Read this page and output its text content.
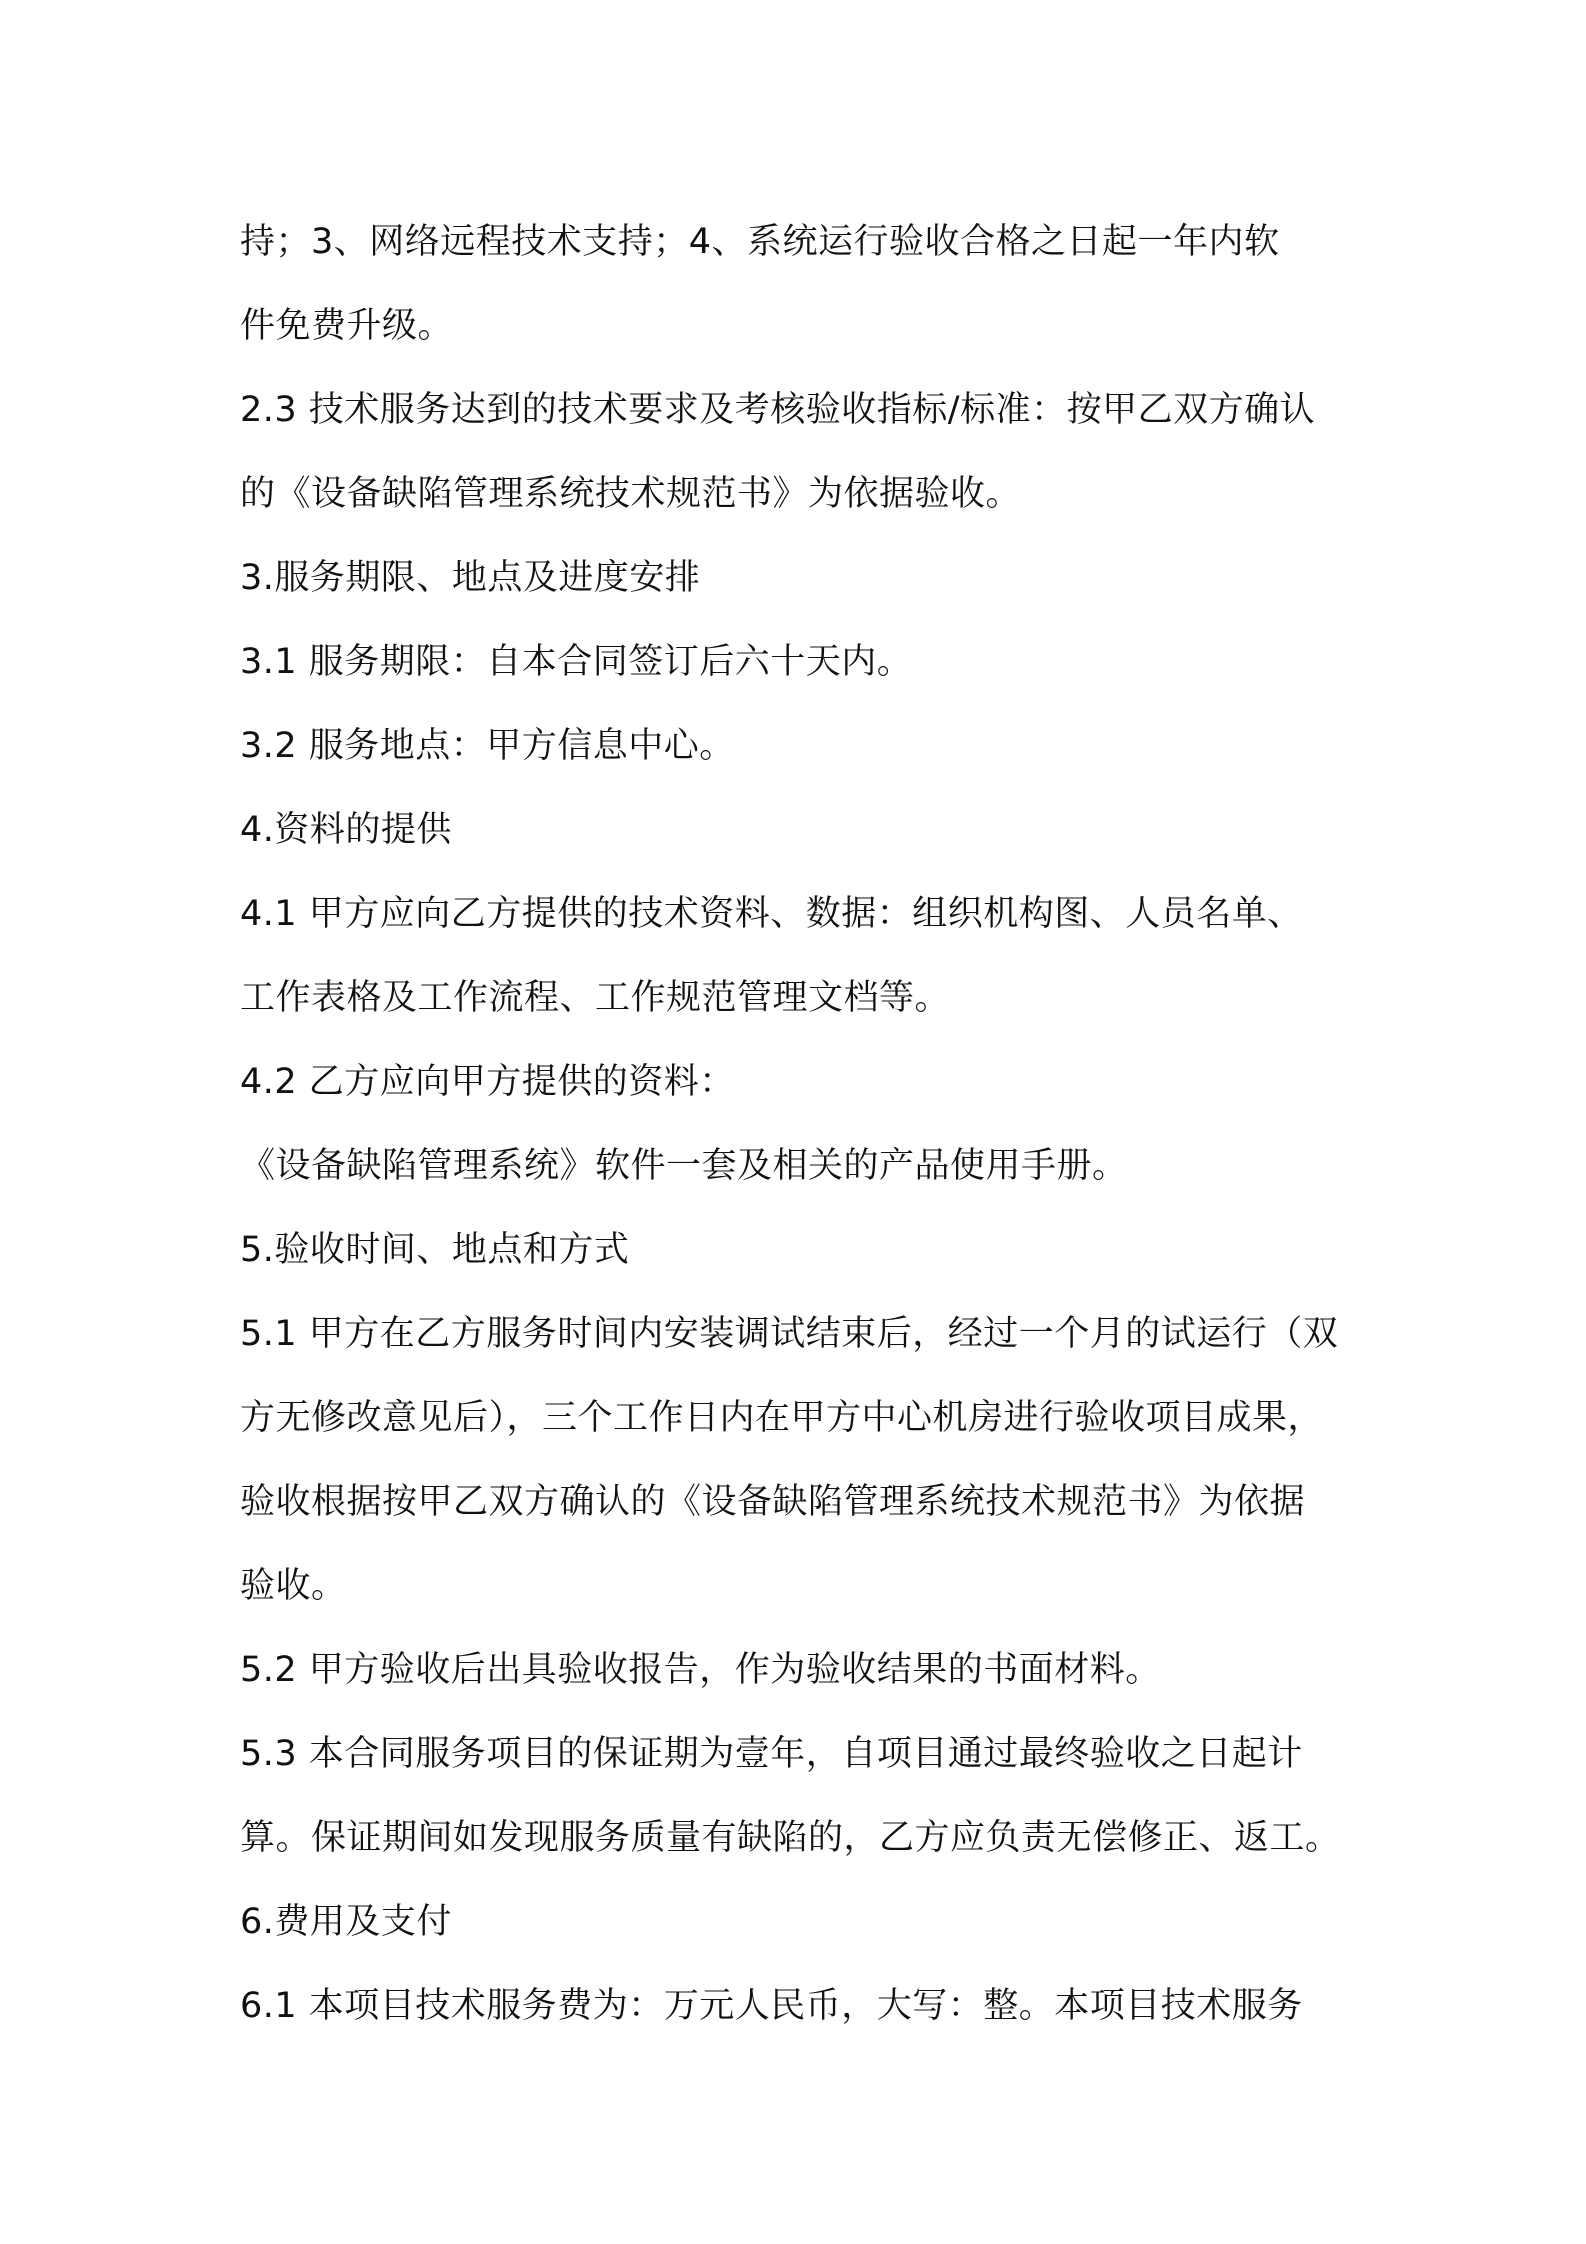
持；3、网络远程技术支持；4、系统运行验收合格之日起一年内软
件免费升级。
2.3 技术服务达到的技术要求及考核验收指标/标准：按甲乙双方确认
的《设备缺陷管理系统技术规范书》为依据验收。
3.服务期限、地点及进度安排
3.1 服务期限：自本合同签订后六十天内。
3.2 服务地点：甲方信息中心。
4.资料的提供
4.1 甲方应向乙方提供的技术资料、数据：组织机构图、人员名单、
工作表格及工作流程、工作规范管理文档等。
4.2 乙方应向甲方提供的资料：
《设备缺陷管理系统》软件一套及相关的产品使用手册。
5.验收时间、地点和方式
5.1 甲方在乙方服务时间内安装调试结束后，经过一个月的试运行（双
方无修改意见后），三个工作日内在甲方中心机房进行验收项目成果，
验收根据按甲乙双方确认的《设备缺陷管理系统技术规范书》为依据
验收。
5.2 甲方验收后出具验收报告，作为验收结果的书面材料。
5.3 本合同服务项目的保证期为壹年，自项目通过最终验收之日起计
算。保证期间如发现服务质量有缺陷的，乙方应负责无偿修正、返工。
6.费用及支付
6.1 本项目技术服务费为：万元人民币，大写：整。本项目技术服务
